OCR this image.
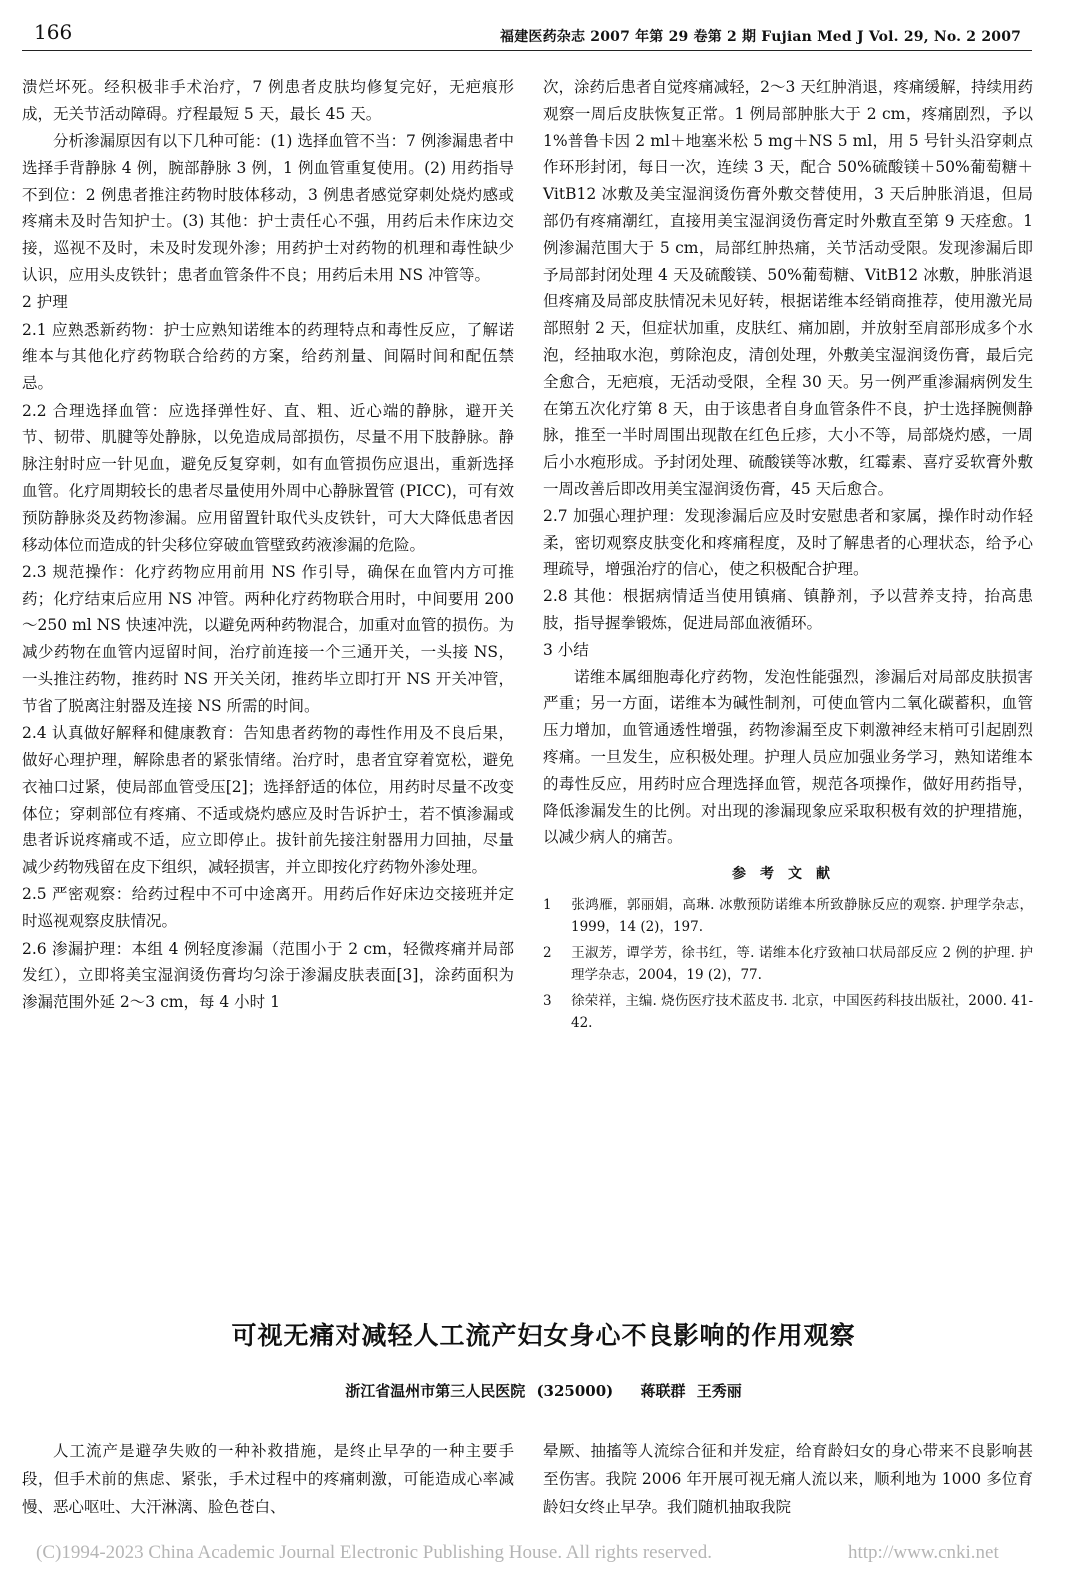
166	福建医药杂志 2007 年第 29 卷第 2 期 Fujian Med J Vol. 29, No. 2 2007

溃烂坏死。经积极非手术治疗，7 例患者皮肤均修复完好，无疤痕形成，无关节活动障碍。疗程最短 5 天，最长 45 天。

分析渗漏原因有以下几种可能：(1) 选择血管不当：7 例渗漏患者中选择手背静脉 4 例，腕部静脉 3 例，1 例血管重复使用。(2) 用药指导不到位：2 例患者推注药物时肢体移动，3 例患者感觉穿刺处烧灼感或疼痛未及时告知护士。(3) 其他：护士责任心不强，用药后未作床边交接，巡视不及时，未及时发现外渗；用药护士对药物的机理和毒性缺少认识，应用头皮铁针；患者血管条件不良；用药后未用 NS 冲管等。

2 护理

2.1 应熟悉新药物：护士应熟知诺维本的药理特点和毒性反应，了解诺维本与其他化疗药物联合给药的方案，给药剂量、间隔时间和配伍禁忌。

2.2 合理选择血管：应选择弹性好、直、粗、近心端的静脉，避开关节、韧带、肌腱等处静脉，以免造成局部损伤，尽量不用下肢静脉。静脉注射时应一针见血，避免反复穿刺，如有血管损伤应退出，重新选择血管。化疗周期较长的患者尽量使用外周中心静脉置管 (PICC)，可有效预防静脉炎及药物渗漏。应用留置针取代头皮铁针，可大大降低患者因移动体位而造成的针尖移位穿破血管壁致药液渗漏的危险。

2.3 规范操作：化疗药物应用前用 NS 作引导，确保在血管内方可推药；化疗结束后应用 NS 冲管。两种化疗药物联合用时，中间要用 200～250 ml NS 快速冲洗，以避免两种药物混合，加重对血管的损伤。为减少药物在血管内逗留时间，治疗前连接一个三通开关，一头接 NS，一头推注药物，推药时 NS 开关关闭，推药毕立即打开 NS 开关冲管，节省了脱离注射器及连接 NS 所需的时间。

2.4 认真做好解释和健康教育：告知患者药物的毒性作用及不良后果，做好心理护理，解除患者的紧张情绪。治疗时，患者宜穿着宽松，避免衣袖口过紧，使局部血管受压[2]；选择舒适的体位，用药时尽量不改变体位；穿刺部位有疼痛、不适或烧灼感应及时告诉护士，若不慎渗漏或患者诉说疼痛或不适，应立即停止。拔针前先接注射器用力回抽，尽量减少药物残留在皮下组织，减轻损害，并立即按化疗药物外渗处理。

2.5 严密观察：给药过程中不可中途离开。用药后作好床边交接班并定时巡视观察皮肤情况。

2.6 渗漏护理：本组 4 例轻度渗漏（范围小于 2 cm，轻微疼痛并局部发红），立即将美宝湿润烫伤膏均匀涂于渗漏皮肤表面[3]，涂药面积为渗漏范围外延 2～3 cm，每 4 小时 1

次，涂药后患者自觉疼痛减轻，2～3 天红肿消退，疼痛缓解，持续用药观察一周后皮肤恢复正常。1 例局部肿胀大于 2 cm，疼痛剧烈，予以 1%普鲁卡因 2 ml＋地塞米松 5 mg＋NS 5 ml，用 5 号针头沿穿刺点作环形封闭，每日一次，连续 3 天，配合 50%硫酸镁＋50%葡萄糖＋VitB12 冰敷及美宝湿润烫伤膏外敷交替使用，3 天后肿胀消退，但局部仍有疼痛潮红，直接用美宝湿润烫伤膏定时外敷直至第 9 天痊愈。1 例渗漏范围大于 5 cm，局部红肿热痛，关节活动受限。发现渗漏后即予局部封闭处理 4 天及硫酸镁、50%葡萄糖、VitB12 冰敷，肿胀消退但疼痛及局部皮肤情况未见好转，根据诺维本经销商推荐，使用激光局部照射 2 天，但症状加重，皮肤红、痛加剧，并放射至肩部形成多个水泡，经抽取水泡，剪除泡皮，清创处理，外敷美宝湿润烫伤膏，最后完全愈合，无疤痕，无活动受限，全程 30 天。另一例严重渗漏病例发生在第五次化疗第 8 天，由于该患者自身血管条件不良，护士选择腕侧静脉，推至一半时周围出现散在红色丘疹，大小不等，局部烧灼感，一周后小水疱形成。予封闭处理、硫酸镁等冰敷，红霉素、喜疗妥软膏外敷一周改善后即改用美宝湿润烫伤膏，45 天后愈合。

2.7 加强心理护理：发现渗漏后应及时安慰患者和家属，操作时动作轻柔，密切观察皮肤变化和疼痛程度，及时了解患者的心理状态，给予心理疏导，增强治疗的信心，使之积极配合护理。

2.8 其他：根据病情适当使用镇痛、镇静剂，予以营养支持，抬高患肢，指导握拳锻炼，促进局部血液循环。

3 小结

诺维本属细胞毒化疗药物，发泡性能强烈，渗漏后对局部皮肤损害严重；另一方面，诺维本为碱性制剂，可使血管内二氧化碳蓄积，血管压力增加，血管通透性增强，药物渗漏至皮下刺激神经末梢可引起剧烈疼痛。一旦发生，应积极处理。护理人员应加强业务学习，熟知诺维本的毒性反应，用药时应合理选择血管，规范各项操作，做好用药指导，降低渗漏发生的比例。对出现的渗漏现象应采取积极有效的护理措施，以减少病人的痛苦。

参考文献
1 张鸿雁，郭丽娟，高琳. 冰敷预防诺维本所致静脉反应的观察. 护理学杂志，1999，14 (2)，197.
2 王淑芳，谭学芳，徐书红，等. 诺维本化疗致袖口状局部反应 2 例的护理. 护理学杂志，2004，19 (2)，77.
3 徐荣祥，主编. 烧伤医疗技术蓝皮书. 北京，中国医药科技出版社，2000. 41-42.
可视无痛对减轻人工流产妇女身心不良影响的作用观察
浙江省温州市第三人民医院 (325000) 蒋联群 王秀丽
人工流产是避孕失败的一种补救措施，是终止早孕的一种主要手段，但手术前的焦虑、紧张，手术过程中的疼痛刺激，可能造成心率减慢、恶心呕吐、大汗淋漓、脸色苍白、
晕厥、抽搐等人流综合征和并发症，给育龄妇女的身心带来不良影响甚至伤害。我院 2006 年开展可视无痛人流以来，顺利地为 1000 多位育龄妇女终止早孕。我们随机抽取我院
(C)1994-2023 China Academic Journal Electronic Publishing House. All rights reserved.	http://www.cnki.net
